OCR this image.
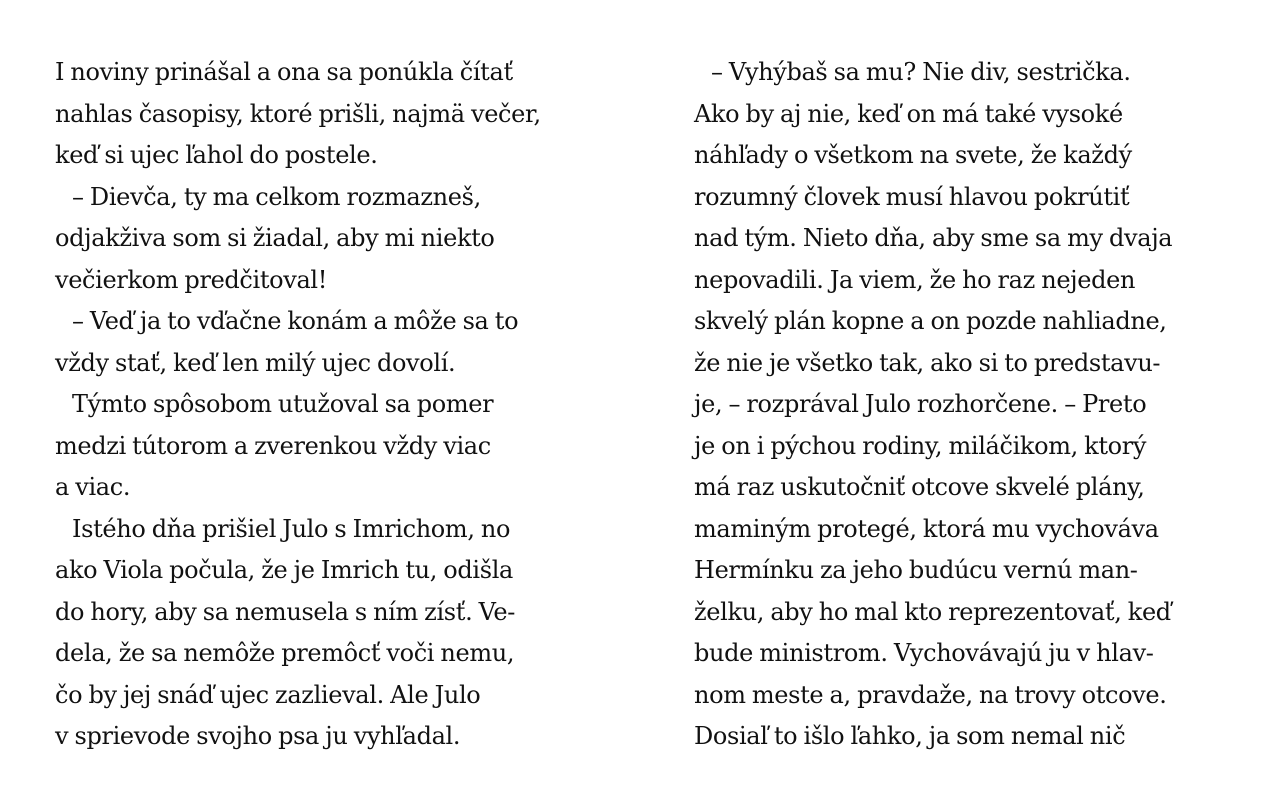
I noviny prinášal a ona sa ponúkla čítať
nahlas časopisy, ktoré prišli, najmä večer,
keď si ujec ľahol do postele.
– Dievča, ty ma celkom rozmazneš,
odjakživa som si žiadal, aby mi niekto
večierkom predčitoval!
– Veď ja to vďačne konám a môže sa to
vždy stať, keď len milý ujec dovolí.
Týmto spôsobom utužoval sa pomer
medzi tútorom a zverenkou vždy viac
a viac.
Istého dňa prišiel Julo s Imrichom, no
ako Viola počula, že je Imrich tu, odišla
do hory, aby sa nemusela s ním zísť. Ve-
dela, že sa nemôže premôcť voči nemu,
čo by jej snáď ujec zazlieval. Ale Julo
v sprievode svojho psa ju vyhľadal.
– Vyhýbaš sa mu? Nie div, sestrička.
Ako by aj nie, keď on má také vysoké
náhľady o všetkom na svete, že každý
rozumný človek musí hlavou pokrútiť
nad tým. Nieto dňa, aby sme sa my dvaja
nepovadili. Ja viem, že ho raz nejeden
skvelý plán kopne a on pozde nahliadne,
že nie je všetko tak, ako si to predstavu-
je, – rozprával Julo rozhorčene. – Preto
je on i pýchou rodiny, miláčikom, ktorý
má raz uskutočniť otcove skvelé plány,
maminým protegé, ktorá mu vychováva
Hermínku za jeho budúcu vernú man-
želku, aby ho mal kto reprezentovať, keď
bude ministrom. Vychovávajú ju v hlav-
nom meste a, pravdaže, na trovy otcove.
Dosiaľ to išlo ľahko, ja som nemal nič
